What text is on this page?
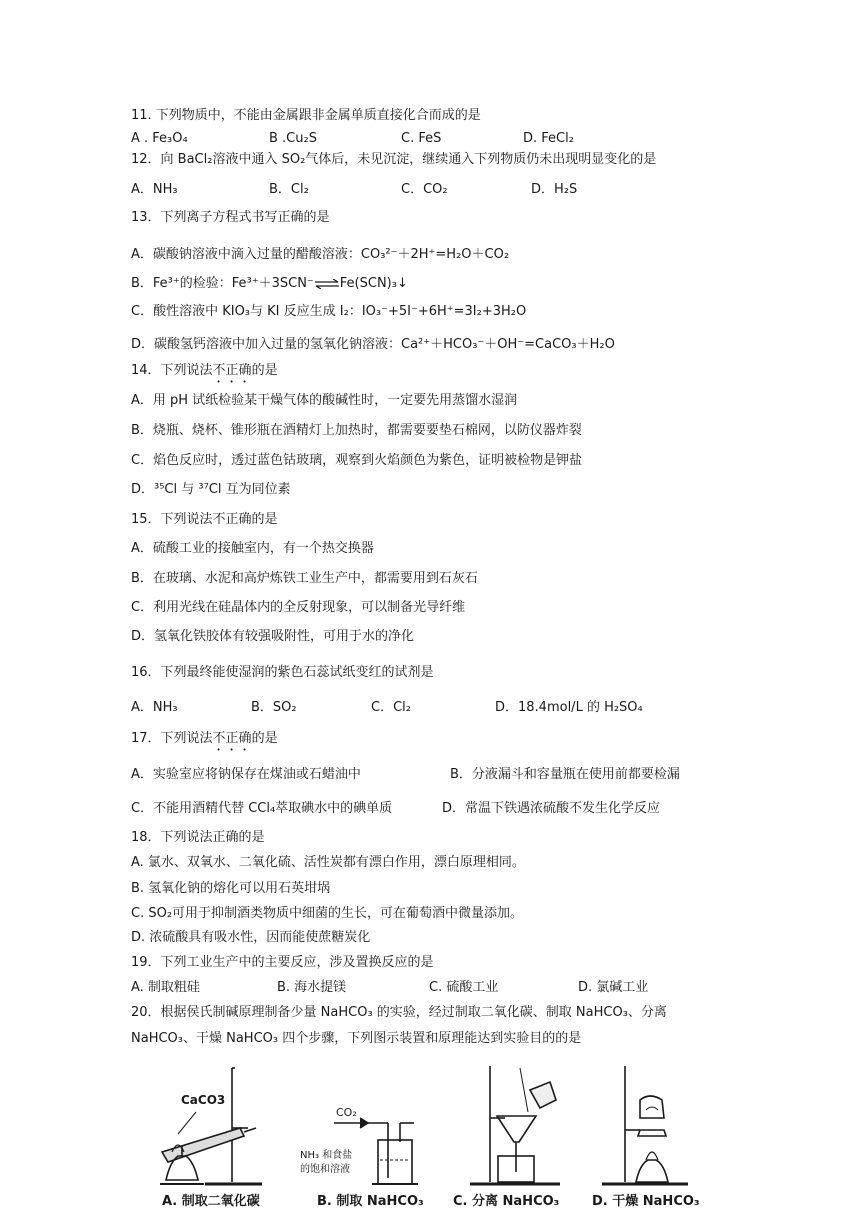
11. 下列物质中，不能由金属跟非金属单质直接化合而成的是
A . Fe₃O₄	B .Cu₂S	C. FeS	D. FeCl₂
12．向 BaCl₂溶液中通入 SO₂气体后，未见沉淀，继续通入下列物质仍未出现明显变化的是
A．NH₃	B．Cl₂	C．CO₂	D．H₂S
13．下列离子方程式书写正确的是
A．碳酸钠溶液中滴入过量的醋酸溶液：CO₃²⁻＋2H⁺=H₂O＋CO₂
B．Fe³⁺的检验：Fe³⁺＋3SCN⁻⇌Fe(SCN)₃↓
C．酸性溶液中 KIO₃与 KI 反应生成 I₂：IO₃⁻+5I⁻+6H⁺=3I₂+3H₂O
D．碳酸氢钙溶液中加入过量的氢氧化钠溶液：Ca²⁺＋HCO₃⁻＋OH⁻=CaCO₃＋H₂O
14．下列说法不正确的是
A．用 pH 试纸检验某干燥气体的酸碱性时，一定要先用蒸馏水湿润
B．烧瓶、烧杯、锥形瓶在酒精灯上加热时，都需要要垫石棉网，以防仪器炸裂
C．焰色反应时，透过蓝色钴玻璃，观察到火焰颜色为紫色，证明被检物是钾盐
D．³⁵Cl 与 ³⁷Cl 互为同位素
15．下列说法不正确的是
A．硫酸工业的接触室内，有一个热交换器
B．在玻璃、水泥和高炉炼铁工业生产中，都需要用到石灰石
C．利用光线在硅晶体内的全反射现象，可以制备光导纤维
D．氢氧化铁胶体有较强吸附性，可用于水的净化
16．下列最终能使湿润的紫色石蕊试纸变红的试剂是
A．NH₃	B．SO₂	C．Cl₂	D．18.4mol/L 的 H₂SO₄
17．下列说法不正确的是
A．实验室应将钠保存在煤油或石蜡油中	B．分液漏斗和容量瓶在使用前都要检漏
C．不能用酒精代替 CCl₄萃取碘水中的碘单质	D．常温下铁遇浓硫酸不发生化学反应
18．下列说法正确的是
A. 氯水、双氧水、二氧化硫、活性炭都有漂白作用，漂白原理相同。
B. 氢氧化钠的熔化可以用石英坩埚
C. SO₂可用于抑制酒类物质中细菌的生长，可在葡萄酒中微量添加。
D. 浓硫酸具有吸水性，因而能使蔗糖炭化
19．下列工业生产中的主要反应，涉及置换反应的是
A. 制取粗硅	B. 海水提镁	C. 硫酸工业	D. 氯碱工业
20．根据侯氏制碱原理制备少量 NaHCO₃ 的实验，经过制取二氧化碳、制取 NaHCO₃、分离
NaHCO₃、干燥 NaHCO₃ 四个步骤，下列图示装置和原理能达到实验目的的是
CaCO3
CO₂
NH₃ 和食盐
的饱和溶液
A. 制取二氧化碳	B. 制取 NaHCO₃ C. 分离 NaHCO₃	D. 干燥 NaHCO₃
